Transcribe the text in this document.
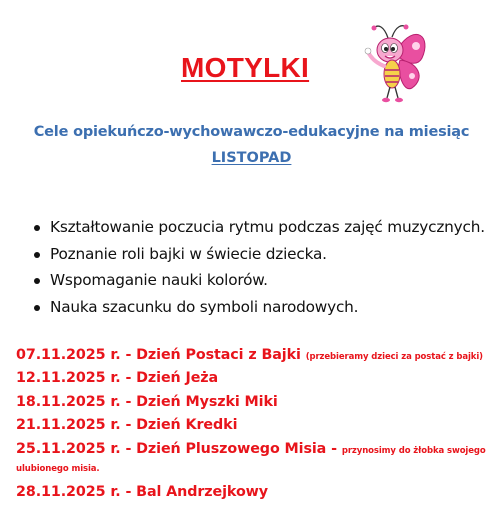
MOTYLKI
Cele opiekuńczo-wychowawczo-edukacyjne na miesiąc
LISTOPAD
Kształtowanie poczucia rytmu podczas zajęć muzycznych.
Poznanie roli bajki w świecie dziecka.
Wspomaganie nauki kolorów.
Nauka szacunku do symboli narodowych.
07.11.2025 r. - Dzień Postaci z Bajki (przebieramy dzieci za postać z bajki)
12.11.2025 r. - Dzień Jeża
18.11.2025 r. - Dzień Myszki Miki
21.11.2025 r. - Dzień Kredki
25.11.2025 r. - Dzień Pluszowego Misia - przynosimy do żłobka swojego
ulubionego misia.
28.11.2025 r. - Bal Andrzejkowy
